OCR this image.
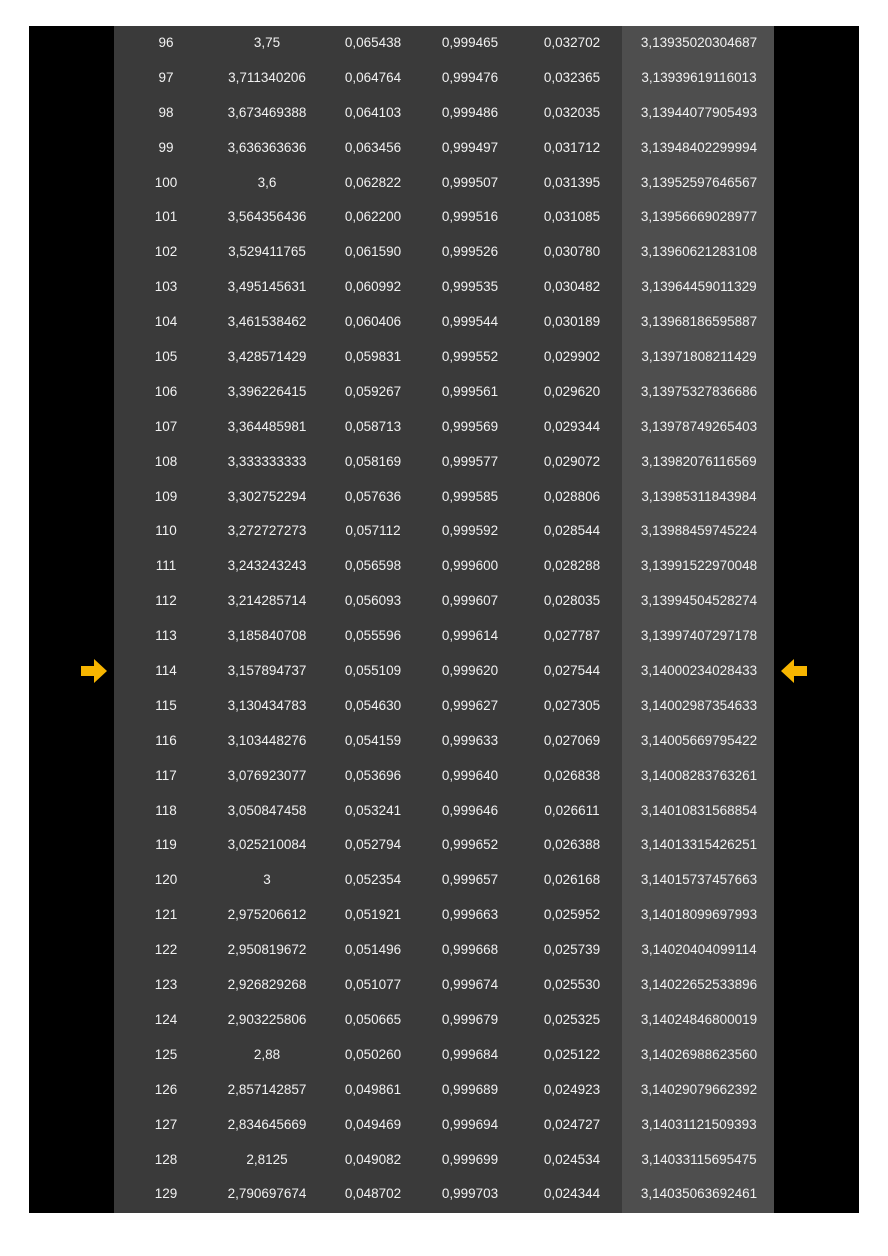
96	3,75	0,065438	0,999465	0,032702	3,13935020304687
97	3,711340206	0,064764	0,999476	0,032365	3,13939619116013
98	3,673469388	0,064103	0,999486	0,032035	3,13944077905493
99	3,636363636	0,063456	0,999497	0,031712	3,13948402299994
100	3,6	0,062822	0,999507	0,031395	3,13952597646567
101	3,564356436	0,062200	0,999516	0,031085	3,13956669028977
102	3,529411765	0,061590	0,999526	0,030780	3,13960621283108
103	3,495145631	0,060992	0,999535	0,030482	3,13964459011329
104	3,461538462	0,060406	0,999544	0,030189	3,13968186595887
105	3,428571429	0,059831	0,999552	0,029902	3,13971808211429
106	3,396226415	0,059267	0,999561	0,029620	3,13975327836686
107	3,364485981	0,058713	0,999569	0,029344	3,13978749265403
108	3,333333333	0,058169	0,999577	0,029072	3,13982076116569
109	3,302752294	0,057636	0,999585	0,028806	3,13985311843984
110	3,272727273	0,057112	0,999592	0,028544	3,13988459745224
111	3,243243243	0,056598	0,999600	0,028288	3,13991522970048
112	3,214285714	0,056093	0,999607	0,028035	3,13994504528274
113	3,185840708	0,055596	0,999614	0,027787	3,13997407297178
114	3,157894737	0,055109	0,999620	0,027544	3,14000234028433
115	3,130434783	0,054630	0,999627	0,027305	3,14002987354633
116	3,103448276	0,054159	0,999633	0,027069	3,14005669795422
117	3,076923077	0,053696	0,999640	0,026838	3,14008283763261
118	3,050847458	0,053241	0,999646	0,026611	3,14010831568854
119	3,025210084	0,052794	0,999652	0,026388	3,14013315426251
120	3	0,052354	0,999657	0,026168	3,14015737457663
121	2,975206612	0,051921	0,999663	0,025952	3,14018099697993
122	2,950819672	0,051496	0,999668	0,025739	3,14020404099114
123	2,926829268	0,051077	0,999674	0,025530	3,14022652533896
124	2,903225806	0,050665	0,999679	0,025325	3,14024846800019
125	2,88	0,050260	0,999684	0,025122	3,14026988623560
126	2,857142857	0,049861	0,999689	0,024923	3,14029079662392
127	2,834645669	0,049469	0,999694	0,024727	3,14031121509393
128	2,8125	0,049082	0,999699	0,024534	3,14033115695475
129	2,790697674	0,048702	0,999703	0,024344	3,14035063692461
